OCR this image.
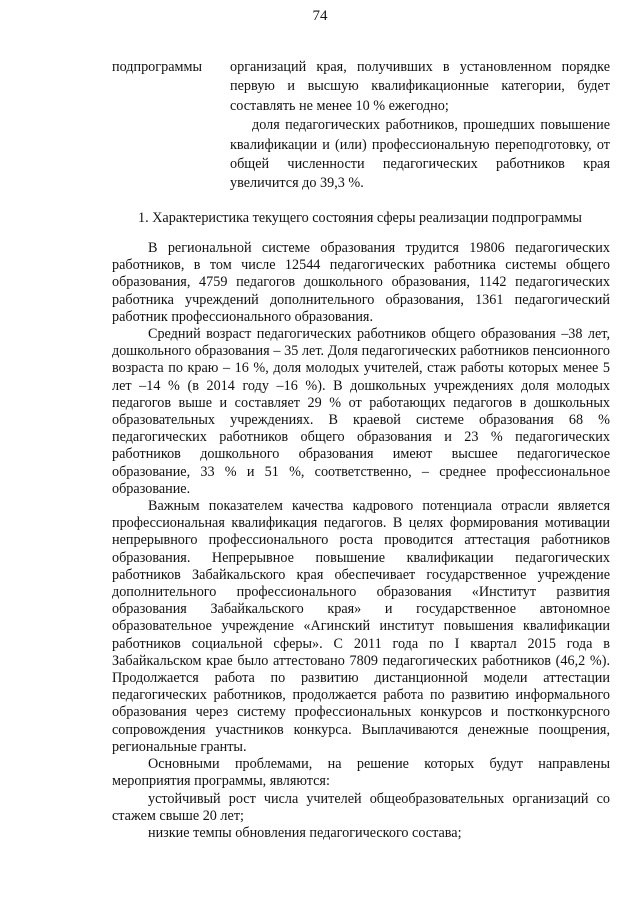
74
подпрограммы	организаций края, получивших в установленном порядке первую и высшую квалификационные категории, будет составлять не менее 10 % ежегодно;

доля педагогических работников, прошедших повышение квалификации и (или) профессиональную переподготовку, от общей численности педагогических работников края увеличится до 39,3 %.

1. Характеристика текущего состояния сферы реализации подпрограммы

В региональной системе образования трудится 19806 педагогических работников, в том числе 12544 педагогических работника системы общего образования, 4759 педагогов дошкольного образования, 1142 педагогических работника учреждений дополнительного образования, 1361 педагогический работник профессионального образования.

Средний возраст педагогических работников общего образования –38 лет, дошкольного образования – 35 лет. Доля педагогических работников пенсионного возраста по краю – 16 %, доля молодых учителей, стаж работы которых менее 5 лет –14 % (в 2014 году –16 %). В дошкольных учреждениях доля молодых педагогов выше и составляет 29 % от работающих педагогов в дошкольных образовательных учреждениях. В краевой системе образования 68 % педагогических работников общего образования и 23 % педагогических работников дошкольного образования имеют высшее педагогическое образование, 33 % и 51 %, соответственно, – среднее профессиональное образование.

Важным показателем качества кадрового потенциала отрасли является профессиональная квалификация педагогов. В целях формирования мотивации непрерывного профессионального роста проводится аттестация работников образования. Непрерывное повышение квалификации педагогических работников Забайкальского края обеспечивает государственное учреждение дополнительного профессионального образования «Институт развития образования Забайкальского края» и государственное автономное образовательное учреждение «Агинский институт повышения квалификации работников социальной сферы». С 2011 года по I квартал 2015 года в Забайкальском крае было аттестовано 7809 педагогических работников (46,2 %). Продолжается работа по развитию дистанционной модели аттестации педагогических работников, продолжается работа по развитию информального образования через систему профессиональных конкурсов и постконкурсного сопровождения участников конкурса. Выплачиваются денежные поощрения, региональные гранты.

Основными проблемами, на решение которых будут направлены мероприятия программы, являются:

устойчивый рост числа учителей общеобразовательных организаций со стажем свыше 20 лет;

низкие темпы обновления педагогического состава;
